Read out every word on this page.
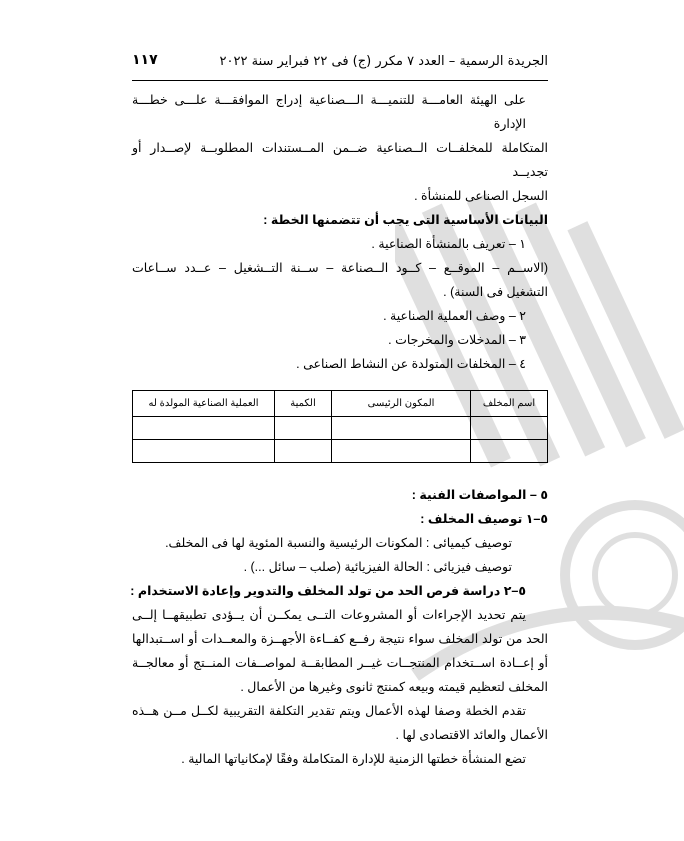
الجريدة الرسمية – العدد ٧ مكرر (ج) فى ٢٢ فبراير سنة ٢٠٢٢
١١٧
على الهيئة العامـــة للتنميـــة الـــصناعية إدراج الموافقـــة علـــى خطـــة الإدارة
المتكاملة للمخلفــات الــصناعية ضــمن المــستندات المطلوبــة لإصــدار أو تجديــد
السجل الصناعى للمنشأة .
البيانات الأساسية التى يجب أن تتضمنها الخطة :
١ – تعريف بالمنشأة الصناعية .
(الاســم – الموقــع – كــود الــصناعة – ســنة التــشغيل – عــدد ســاعات
التشغيل فى السنة) .
٢ – وصف العملية الصناعية .
٣ – المدخلات والمخرجات .
٤ – المخلفات المتولدة عن النشاط الصناعى .
اسم المخلف	المكون الرئيسى	الكمية	العملية الصناعية المولدة له

٥ – المواصفات الفنية :
٥–١ توصيف المخلف :
توصيف كيميائى : المكونات الرئيسية والنسبة المئوية لها فى المخلف.
توصيف فيزيائى : الحالة الفيزيائية (صلب – سائل ...) .
٥–٢ دراسة فرص الحد من تولد المخلف والتدوير وإعادة الاستخدام :
يتم تحديد الإجراءات أو المشروعات التــى يمكــن أن يــؤدى تطبيقهــا إلــى
الحد من تولد المخلف سواء نتيجة رفــع كفــاءة الأجهــزة والمعــدات أو اســتبدالها
أو إعــادة اســتخدام المنتجــات غيــر المطابقــة لمواصــفات المنــتج أو معالجــة
المخلف لتعظيم قيمته وبيعه كمنتج ثانوى وغيرها من الأعمال .
تقدم الخطة وصفا لهذه الأعمال ويتم تقدير التكلفة التقريبية لكــل مــن هــذه
الأعمال والعائد الاقتصادى لها .
تضع المنشأة خطتها الزمنية للإدارة المتكاملة وفقًا لإمكانياتها المالية .
